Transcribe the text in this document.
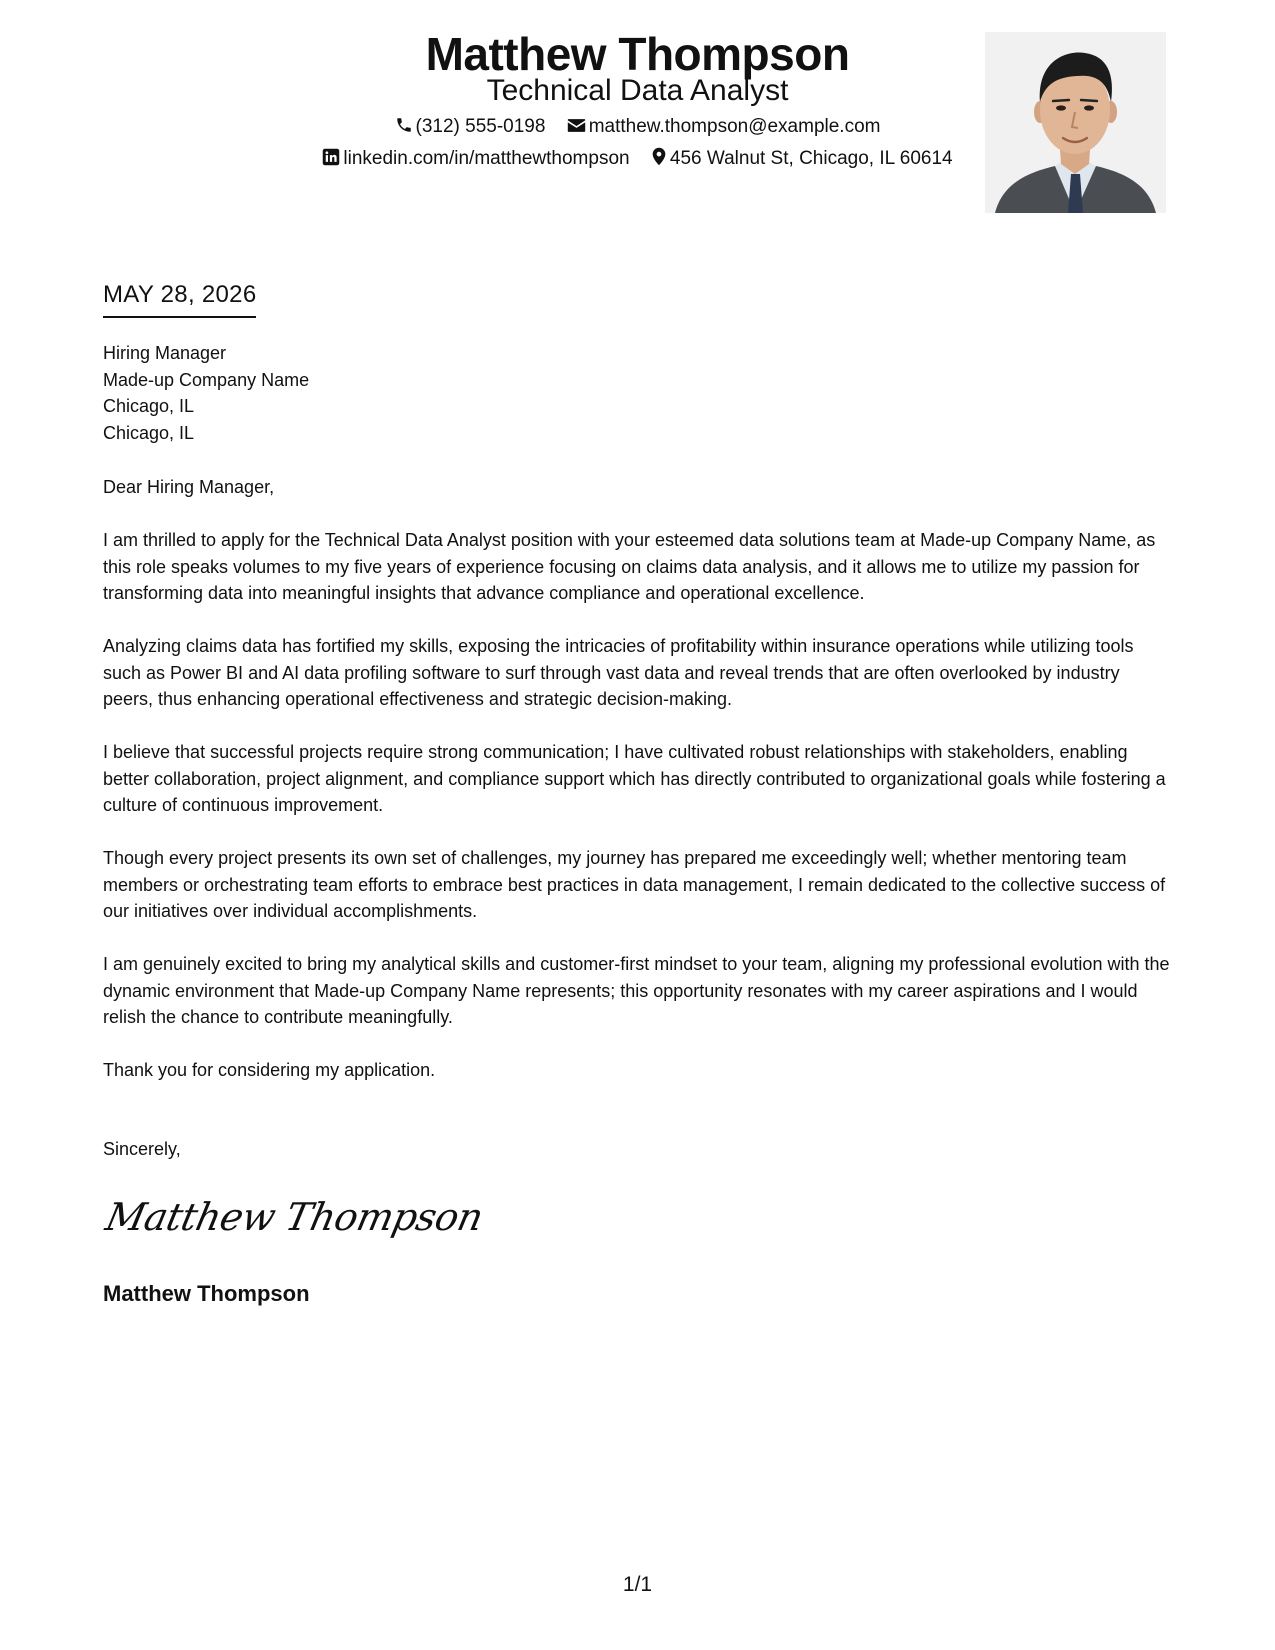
Matthew Thompson
Technical Data Analyst
(312) 555-0198 matthew.thompson@example.com
linkedin.com/in/matthewthompson 456 Walnut St, Chicago, IL 60614
MAY 28, 2026
Hiring Manager
Made-up Company Name
Chicago, IL
Chicago, IL
Dear Hiring Manager,
I am thrilled to apply for the Technical Data Analyst position with your esteemed data solutions team at Made-up Company Name, as this role speaks volumes to my five years of experience focusing on claims data analysis, and it allows me to utilize my passion for transforming data into meaningful insights that advance compliance and operational excellence.
Analyzing claims data has fortified my skills, exposing the intricacies of profitability within insurance operations while utilizing tools such as Power BI and AI data profiling software to surf through vast data and reveal trends that are often overlooked by industry peers, thus enhancing operational effectiveness and strategic decision-making.
I believe that successful projects require strong communication; I have cultivated robust relationships with stakeholders, enabling better collaboration, project alignment, and compliance support which has directly contributed to organizational goals while fostering a culture of continuous improvement.
Though every project presents its own set of challenges, my journey has prepared me exceedingly well; whether mentoring team members or orchestrating team efforts to embrace best practices in data management, I remain dedicated to the collective success of our initiatives over individual accomplishments.
I am genuinely excited to bring my analytical skills and customer-first mindset to your team, aligning my professional evolution with the dynamic environment that Made-up Company Name represents; this opportunity resonates with my career aspirations and I would relish the chance to contribute meaningfully.
Thank you for considering my application.
Sincerely,
Matthew Thompson
Matthew Thompson
1/1
